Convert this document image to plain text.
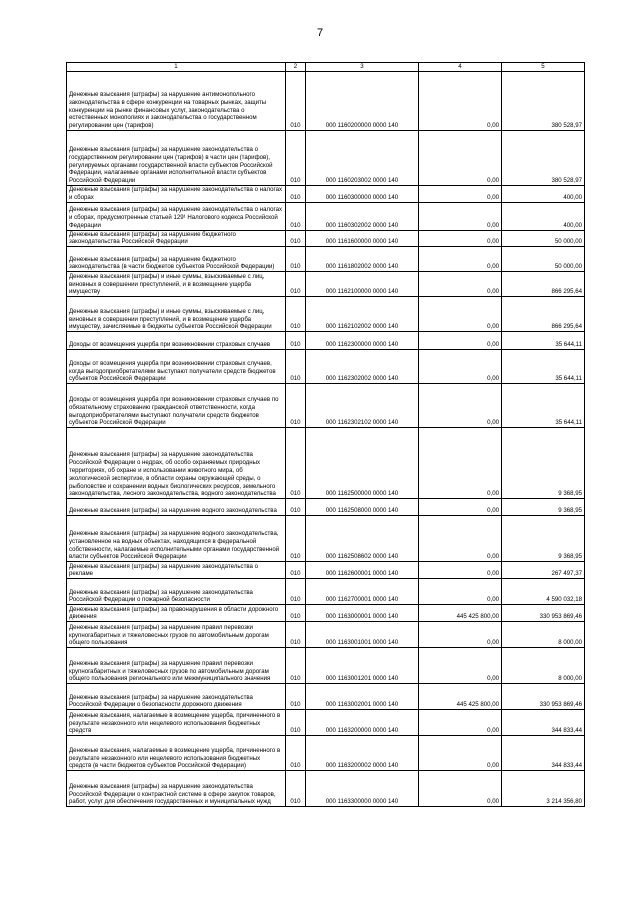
7
1	2	3	4	5
Денежные взыскания (штрафы) за нарушение антимонопольного законодательства в сфере конкуренции на товарных рынках, защиты конкуренции на рынке финансовых услуг, законодательства о естественных монополиях и законодательства о государственном регулировании цен (тарифов)	010	000 1160200000 0000 140	0,00	380 528,97
Денежные взыскания (штрафы) за нарушение законодательства о государственном регулировании цен (тарифов) в части цен (тарифов), регулируемых органами государственной власти субъектов Российской Федерации, налагаемые органами исполнительной власти субъектов Российской Федерации	010	000 1160203002 0000 140	0,00	380 528,97
Денежные взыскания (штрафы) за нарушение законодательства о налогах и сборах	010	000 1160300000 0000 140	0,00	400,00
Денежные взыскания (штрафы) за нарушение законодательства о налогах и сборах, предусмотренные статьей 129¹ Налогового кодекса Российской Федерации	010	000 1160302002 0000 140	0,00	400,00
Денежные взыскания (штрафы) за нарушение бюджетного законодательства Российской Федерации	010	000 1161600000 0000 140	0,00	50 000,00
Денежные взыскания (штрафы) за нарушение бюджетного законодательства (в части бюджетов субъектов Российской Федерации)	010	000 1161802002 0000 140	0,00	50 000,00
Денежные взыскания (штрафы) и иные суммы, взыскиваемые с лиц, виновных в совершении преступлений, и в возмещение ущерба имуществу	010	000 1162100000 0000 140	0,00	866 295,64
Денежные взыскания (штрафы) и иные суммы, взыскиваемые с лиц, виновных в совершении преступлений, и в возмещение ущерба имуществу, зачисляемые в бюджеты субъектов Российской Федерации	010	000 1162102002 0000 140	0,00	866 295,64
Доходы от возмещения ущерба при возникновении страховых случаев	010	000 1162300000 0000 140	0,00	35 644,11
Доходы от возмещения ущерба при возникновении страховых случаев, когда выгодоприобретателями выступают получатели средств бюджетов субъектов Российской Федерации	010	000 1162302002 0000 140	0,00	35 644,11
Доходы от возмещения ущерба при возникновении страховых случаев по обязательному страхованию гражданской ответственности, когда выгодоприобретателями выступают получатели средств бюджетов субъектов Российской Федерации	010	000 1162302102 0000 140	0,00	35 644,11
Денежные взыскания (штрафы) за нарушение законодательства Российской Федерации о недрах, об особо охраняемых природных территориях, об охране и использовании животного мира, об экологической экспертизе, в области охраны окружающей среды, о рыболовстве и сохранении водных биологических ресурсов, земельного законодательства, лесного законодательства, водного законодательства	010	000 1162500000 0000 140	0,00	9 368,95
Денежные взыскания (штрафы) за нарушение водного законодательства	010	000 1162508000 0000 140	0,00	9 368,95
Денежные взыскания (штрафы) за нарушение водного законодательства, установленное на водных объектах, находящихся в федеральной собственности, налагаемые исполнительными органами государственной власти субъектов Российской Федерации	010	000 1162508602 0000 140	0,00	9 368,95
Денежные взыскания (штрафы) за нарушение законодательства о рекламе	010	000 1162600001 0000 140	0,00	267 497,37
Денежные взыскания (штрафы) за нарушение законодательства Российской Федерации о пожарной безопасности	010	000 1162700001 0000 140	0,00	4 590 032,18
Денежные взыскания (штрафы) за правонарушения в области дорожного движения	010	000 1163000001 0000 140	445 425 800,00	330 953 869,46
Денежные взыскания (штрафы) за нарушение правил перевозки крупногабаритных и тяжеловесных грузов по автомобильным дорогам общего пользования	010	000 1163001001 0000 140	0,00	8 000,00
Денежные взыскания (штрафы) за нарушение правил перевозки крупногабаритных и тяжеловесных грузов по автомобильным дорогам общего пользования регионального или межмуниципального значения	010	000 1163001201 0000 140	0,00	8 000,00
Денежные взыскания (штрафы) за нарушение законодательства Российской Федерации о безопасности дорожного движения	010	000 1163002001 0000 140	445 425 800,00	330 953 869,46
Денежные взыскания, налагаемые в возмещение ущерба, причиненного в результате незаконного или нецелевого использования бюджетных средств	010	000 1163200000 0000 140	0,00	344 833,44
Денежные взыскания, налагаемые в возмещение ущерба, причиненного в результате незаконного или нецелевого использования бюджетных средств (в части бюджетов субъектов Российской Федерации)	010	000 1163200002 0000 140	0,00	344 833,44
Денежные взыскания (штрафы) за нарушение законодательства Российской Федерации о контрактной системе в сфере закупок товаров, работ, услуг для обеспечения государственных и муниципальных нужд	010	000 1163300000 0000 140	0,00	3 214 356,80
